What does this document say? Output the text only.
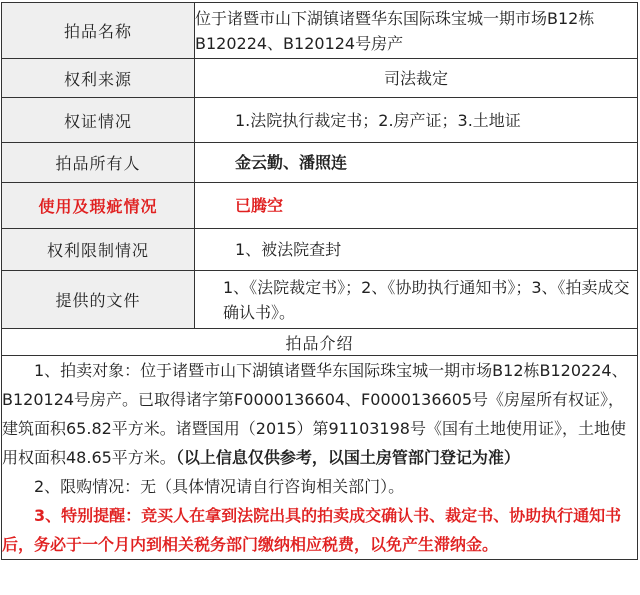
拍品名称	位于诸暨市山下湖镇诸暨华东国际珠宝城一期市场B12栋B120224、B120124号房产
权利来源	司法裁定
权证情况	1.法院执行裁定书；2.房产证；3.土地证
拍品所有人	金云勤、潘照连
使用及瑕疵情况	已腾空
权利限制情况	1、被法院查封
提供的文件	1、《法院裁定书》；2、《协助执行通知书》；3、《拍卖成交确认书》。
拍品介绍	

1、拍卖对象：位于诸暨市山下湖镇诸暨华东国际珠宝城一期市场B12栋B120224、B120124号房产。已取得诸字第F0000136604、F0000136605号《房屋所有权证》，建筑面积65.82平方米。诸暨国用（2015）第91103198号《国有土地使用证》，土地使用权面积48.65平方米。（以上信息仅供参考，以国土房管部门登记为准）
2、限购情况：无（具体情况请自行咨询相关部门）。
3、特别提醒：竞买人在拿到法院出具的拍卖成交确认书、裁定书、协助执行通知书后，务必于一个月内到相关税务部门缴纳相应税费，以免产生滞纳金。	
